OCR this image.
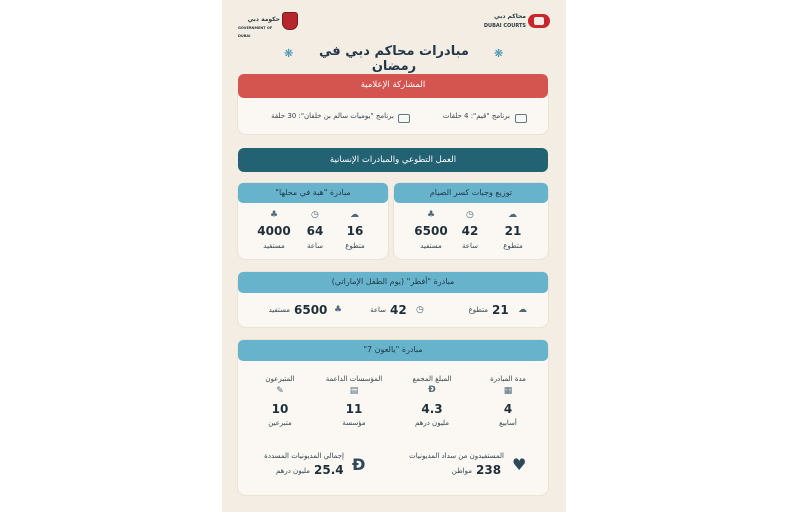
حكومة دبي
GOVERNMENT OF DUBAI
محاكم دبي
DUBAI COURTS
❋	مبادرات محاكم دبي في رمضان
❋
المشاركة الإعلامية
برنامج "قيم": 4 حلقات
برنامج "يوميات سالم بن خلفان": 30 حلقة
العمل التطوعي والمبادرات الإنسانية
توزيع وجبات كسر الصيام
مبادرة "هبة في محلها"
☁
21
متطوع
◷
42
ساعة
♣
6500
مستفيد
☁
16
متطوع
◷
64
ساعة
♣
4000
مستفيد
مبادرة "أفطر" (يوم الطفل الإماراتي)
☁
21
متطوع
◷
42
ساعة
♣
6500
مستفيد
مبادرة "يالعون 7"
مدة المبادرة
▦
4
أسابيع
المبلغ المجمع
Đ
4.3
مليون درهم
المؤسسات الداعمة
▤
11
مؤسسة
المتبرعون
✎
10
متبرعين
♥
المستفيدون من سداد المديونيات
238
مواطن
Đ
إجمالي المديونيات المسددة
25.4
مليون درهم
